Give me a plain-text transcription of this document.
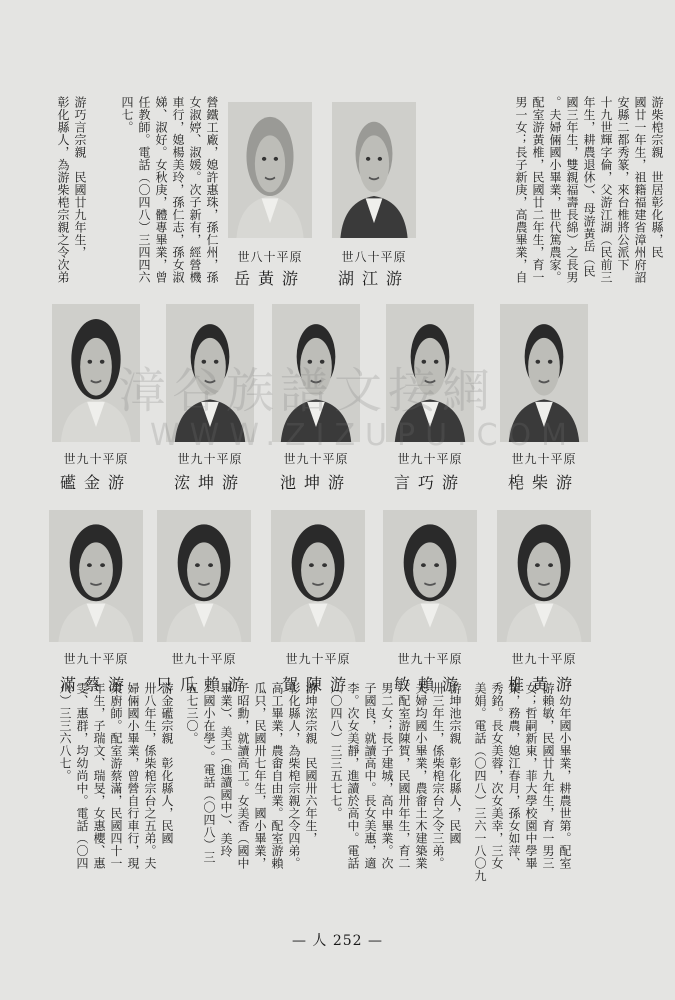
游柴梍宗親　世居彰化縣，民
國廿一年生，祖籍福建省漳州府詔
安縣二都秀篆，來台椎將公派下
十九世輝字倫，父游江湖（民前三
年生，耕農退休）、母游黃岳（民
國三年生，雙親福壽長綿）之長男
。夫婦倆國小畢業，世代篤農家。
配室游黃椎，民國廿二年生，育一
男一女；長子新庚，高農畢業，自
營鐵工廠，媳許惠珠，孫仁州，孫
女淑婷、淑媛。次子新有，經營機
車行，媳楊美玲，孫仁志，孫女淑
娣、淑好。女秋庚，體專畢業，曾
任教師。電話（〇四八）三四四六
四七。
游巧言宗親　民國廿九年生，
彰化縣人，為游柴梍宗親之令次弟	世八十平原
湖江游
世八十平原
岳黃游
世九十平原
梍柴游
世九十平原
言巧游
世九十平原
池坤游
世九十平原
浤坤游
世九十平原
礷金游
世九十平原
椎黃游
世九十平原
敏賴游
世九十平原
賀陳游
世九十平原
只瓜賴游
世九十平原
滿蔡游	。幼年國小畢業，耕農世第。配室
游賴敏，民國廿九年生，育一男三
女；哲嗣新東，菲大學校園中學畢
業，務農，媳江春月，孫女如萍、
秀銘。長女美蓉，次女美幸，三女
美娟。電話（〇四八）三六一八〇九
游坤池宗親　彰化縣人，民國
卅三年生，係柴梍宗台之令三弟。
夫婦均國小畢業，農畬土木建築業
。配室游陳賀，民國卅年生，育二
男二女；長子建城，高中畢業。次
子國良，就讀高中。長女美惠，適
李。次女美靜，進讀於高中。電話
（〇四八）三三五七七。
游坤浤宗親　民國卅六年生，
彰化縣人，為柴梍宗親之令四弟。
高工畢業，農畬自由業。配室游賴
瓜只，民國卅七年生，國小畢業，
子昭勳，就讀高工。女美香（國中
畢業）、美玉（進讀國中）、美玲
（國小在學）。電話（〇四八）三
五七三〇。
游金礷宗親　彰化縣人，民國
卅八年生，係柴梍宗台之五弟。夫
婦倆國小畢業，曾營自行車行，現
業廚師。配室游蔡滿，民國四十一
年生，子瑞文、瑞旻，女惠櫻、惠
雯、惠群，均幼尚中。電話（〇四
八）三三六八七。
漳谷族譜文接網
WWW.ZIZUPU.COM
— 人 252 —
